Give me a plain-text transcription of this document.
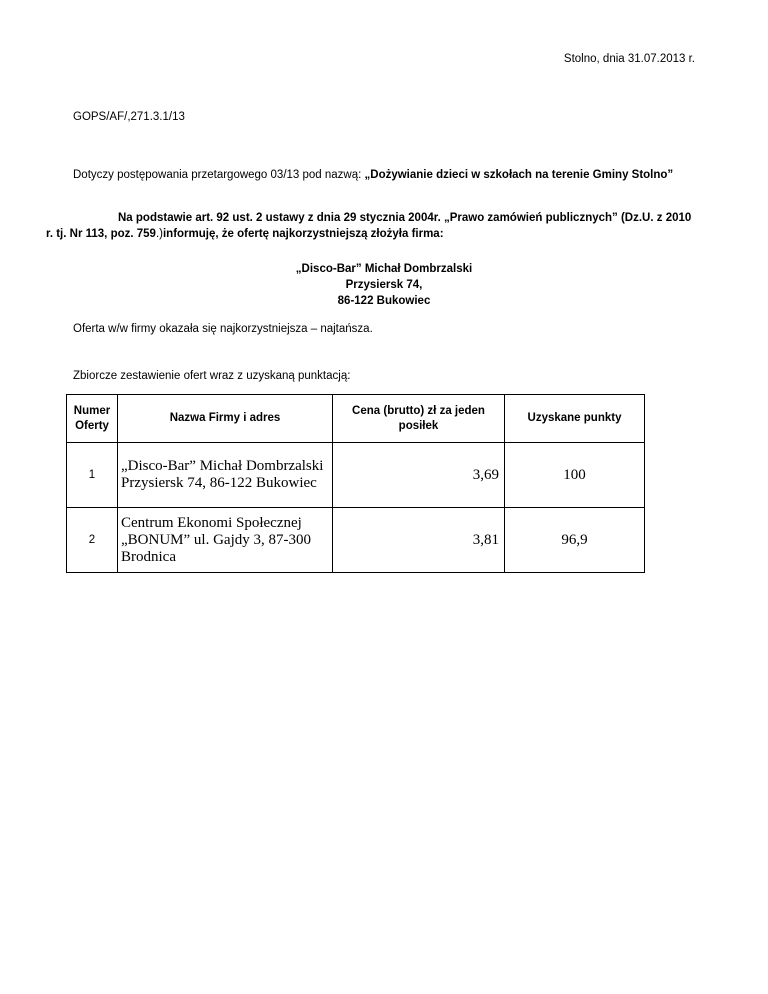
Stolno, dnia 31.07.2013 r.
GOPS/AF/,271.3.1/13
Dotyczy postępowania przetargowego 03/13 pod nazwą: „Dożywianie dzieci w szkołach na terenie Gminy Stolno”
Na podstawie art. 92 ust. 2 ustawy z dnia 29 stycznia 2004r. „Prawo zamówień publicznych” (Dz.U. z 2010 r. tj. Nr 113, poz. 759.)informuję, że ofertę najkorzystniejszą złożyła firma:
„Disco-Bar” Michał Dombrzalski
Przysiersk 74,
86-122 Bukowiec
Oferta w/w firmy okazała się najkorzystniejsza – najtańsza.
Zbiorcze zestawienie ofert wraz z uzyskaną punktacją:
Numer
Oferty	Nazwa Firmy i adres	Cena (brutto) zł za jeden posiłek	Uzyskane punkty
1	„Disco-Bar” Michał Dombrzalski Przysiersk 74, 86-122 Bukowiec	3,69	100
2	Centrum Ekonomi Społecznej „BONUM” ul. Gajdy 3, 87-300 Brodnica	3,81	96,9
